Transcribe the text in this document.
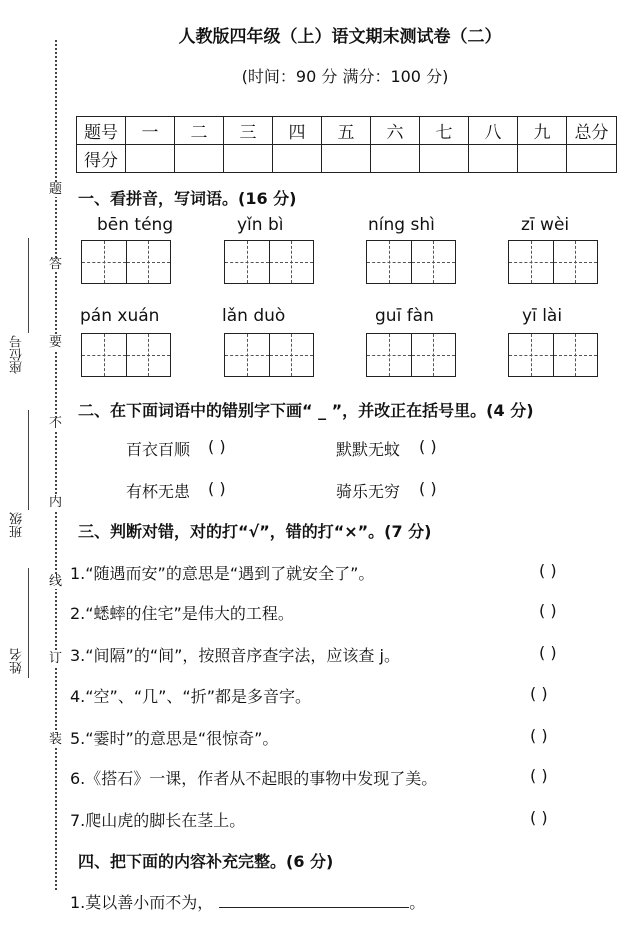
题
答
要
不
内
线
订
装
座位号
班级
姓名
人教版四年级（上）语文期末测试卷（二）
(时间：90 分 满分：100 分)
题号	一	二	三	四	五	六	七	八	九	总分
得分										
一、看拼音，写词语。(16 分)
bēn téng	yǐn bì	níng shì	zī wèi
pán xuán	lǎn duò	guī fàn	yī lài
二、在下面词语中的错别字下画“ _ ”，并改正在括号里。(4 分)
百衣百顺 ( )	默默无蚊 ( )
有杯无患 ( )	骑乐无穷 ( )
三、判断对错，对的打“√”，错的打“×”。(7 分)
1.“随遇而安”的意思是“遇到了就安全了”。	( )
2.“蟋蟀的住宅”是伟大的工程。	( )
3.“间隔”的“间”，按照音序查字法，应该查 j。	( )
4.“空”、“几”、“折”都是多音字。	( )
5.“霎时”的意思是“很惊奇”。	( )
6.《搭石》一课，作者从不起眼的事物中发现了美。	( )
7.爬山虎的脚长在茎上。	( )
四、把下面的内容补充完整。(6 分)
1.莫以善小而不为，	。
